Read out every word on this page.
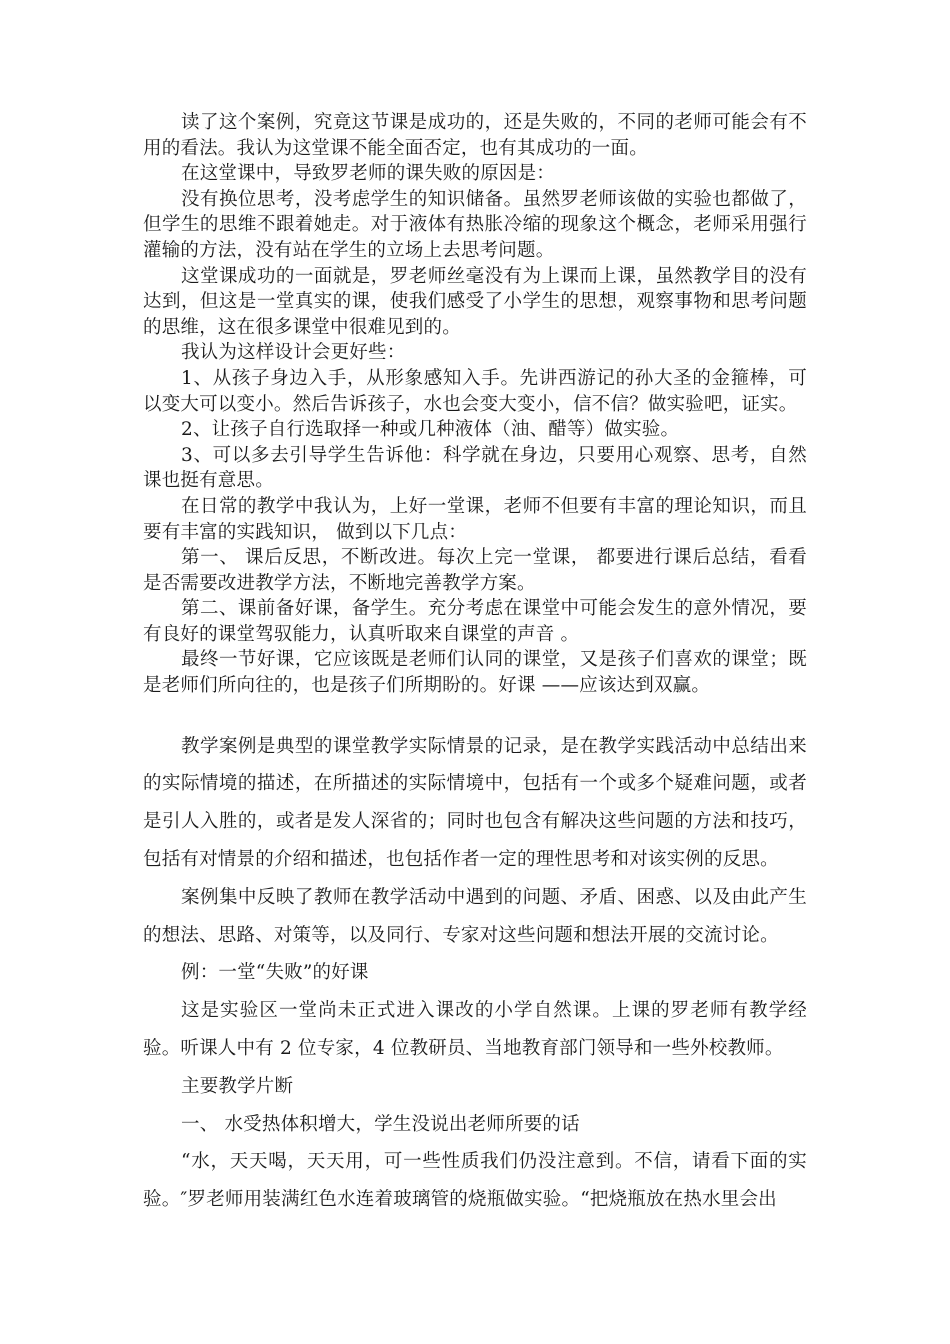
读了这个案例，究竟这节课是成功的，还是失败的，不同的老师可能会有不用的看法。我认为这堂课不能全面否定，也有其成功的一面。

在这堂课中，导致罗老师的课失败的原因是：

没有换位思考，没考虑学生的知识储备。虽然罗老师该做的实验也都做了，但学生的思维不跟着她走。对于液体有热胀冷缩的现象这个概念，老师采用强行灌输的方法，没有站在学生的立场上去思考问题。

这堂课成功的一面就是，罗老师丝毫没有为上课而上课，虽然教学目的没有达到，但这是一堂真实的课，使我们感受了小学生的思想，观察事物和思考问题的思维，这在很多课堂中很难见到的。

我认为这样设计会更好些：

1、从孩子身边入手，从形象感知入手。先讲西游记的孙大圣的金箍棒，可以变大可以变小。然后告诉孩子，水也会变大变小，信不信？做实验吧，证实。

2、让孩子自行选取择一种或几种液体（油、醋等）做实验。

3、可以多去引导学生告诉他：科学就在身边，只要用心观察、思考，自然课也挺有意思。

在日常的教学中我认为，上好一堂课，老师不但要有丰富的理论知识，而且要有丰富的实践知识， 做到以下几点：

第一、 课后反思，不断改进。每次上完一堂课， 都要进行课后总结，看看是否需要改进教学方法，不断地完善教学方案。

第二、课前备好课，备学生。充分考虑在课堂中可能会发生的意外情况，要有良好的课堂驾驭能力，认真听取来自课堂的声音 。

最终一节好课，它应该既是老师们认同的课堂，又是孩子们喜欢的课堂；既是老师们所向往的，也是孩子们所期盼的。好课 ——应该达到双赢。

教学案例是典型的课堂教学实际情景的记录，是在教学实践活动中总结出来的实际情境的描述，在所描述的实际情境中，包括有一个或多个疑难问题，或者是引人入胜的，或者是发人深省的；同时也包含有解决这些问题的方法和技巧，包括有对情景的介绍和描述，也包括作者一定的理性思考和对该实例的反思。

案例集中反映了教师在教学活动中遇到的问题、矛盾、困惑、以及由此产生的想法、思路、对策等，以及同行、专家对这些问题和想法开展的交流讨论。

例：一堂“失败”的好课

这是实验区一堂尚未正式进入课改的小学自然课。上课的罗老师有教学经验。听课人中有 2 位专家，4 位教研员、当地教育部门领导和一些外校教师。

主要教学片断

一、 水受热体积增大，学生没说出老师所要的话

“水，天天喝，天天用，可一些性质我们仍没注意到。不信，请看下面的实验。″罗老师用装满红色水连着玻璃管的烧瓶做实验。“把烧瓶放在热水里会出
